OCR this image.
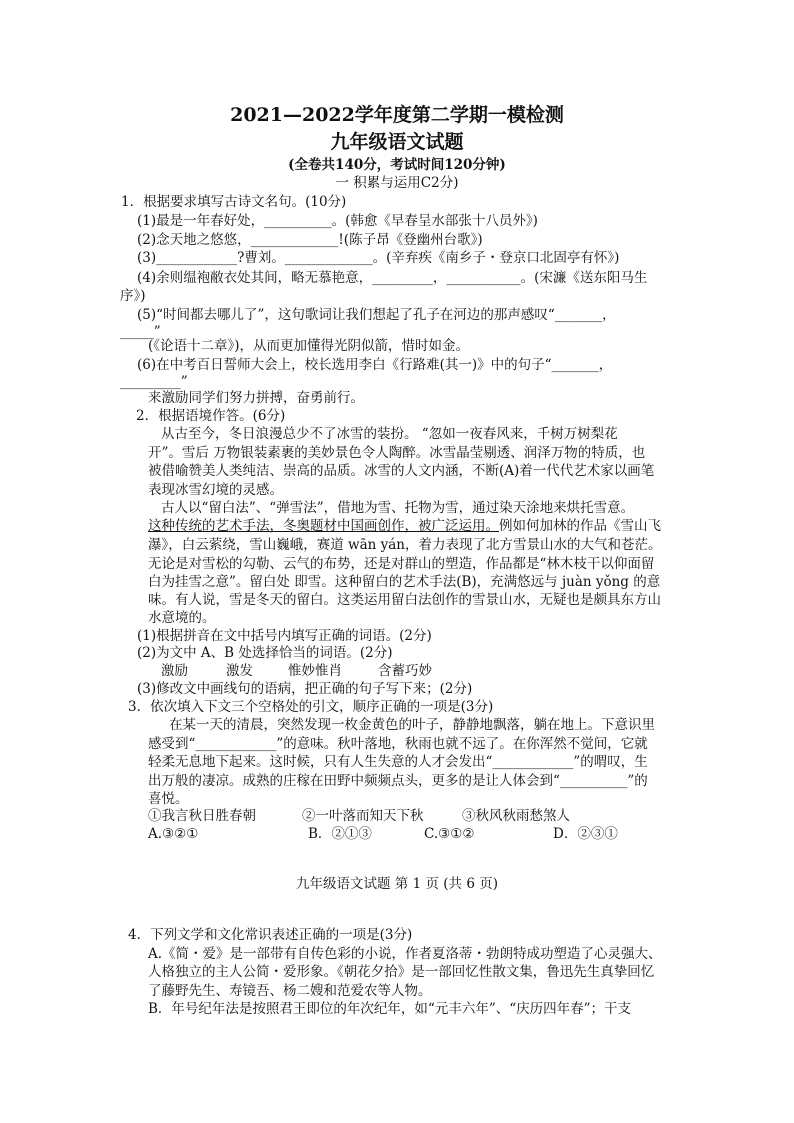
2021—2022学年度第二学期一模检测
九年级语文试题
(全卷共140分，考试时间120分钟)
一 积累与运用C2分)
1．根据要求填写古诗文名句。(10分)
(1)最是一年春好处，__________。(韩愈《早春呈水部张十八员外》)
(2)念天地之悠悠，_____________!(陈子昂《登幽州台歌》)
(3)____________?曹刘。_____________。(辛弃疾《南乡子・登京口北固亭有怀》)
(4)余则缊袍敝衣处其间，略无慕艳意，_________，___________。(宋濂《送东阳马生
序》)
(5)“时间都去哪儿了”，这句歌词让我们想起了孔子在河边的那声感叹“_______，
_____”
(《论语十二章》)，从而更加懂得光阴似箭，惜时如金。
(6)在中考百日誓师大会上，校长选用李白《行路难(其一)》中的句子“_______，
_________”
来激励同学们努力拼搏，奋勇前行。
2．根据语境作答。(6分)
从古至今，冬日浪漫总少不了冰雪的装扮。 “忽如一夜春风来，千树万树梨花
开”。雪后 万物银装素裹的美妙景色令人陶醉。冰雪晶莹剔透、润泽万物的特质，也
被借喻赞美人类纯洁、崇高的品质。冰雪的人文内涵，不断(A)着一代代艺术家以画笔
表现冰雪幻境的灵感。
古人以“留白法”、“弹雪法”，借地为雪、托物为雪，通过染天涂地来烘托雪意。
这种传统的艺术手法，冬奥题材中国画创作，被广泛运用。例如何加林的作品《雪山飞
瀑》，白云萦绕，雪山巍峨，赛道 wān yán，着力表现了北方雪景山水的大气和苍茫。
无论是对雪松的勾勒、云气的布势，还是对群山的塑造，作品都是“林木枝干以仰面留
白为挂雪之意”。留白处 即雪。这种留白的艺术手法(B)，充满悠远与 juàn yǒng 的意
味。有人说，雪是冬天的留白。这类运用留白法创作的雪景山水，无疑也是颇具东方山
水意境的。
(1)根据拼音在文中括号内填写正确的词语。(2分)
(2)为文中 A、B 处选择恰当的词语。(2分)
激励	激发	惟妙惟肖	含蓄巧妙
(3)修改文中画线句的语病，把正确的句子写下来；(2分)
3．依次填入下文三个空格处的引文，顺序正确的一项是(3分)
在某一天的清晨，突然发现一枚金黄色的叶子，静静地飘落，躺在地上。下意识里
感受到“____________”的意味。秋叶落地，秋雨也就不远了。在你浑然不觉间，它就
轻柔无息地下起来。这时候，只有人生失意的人才会发出“____________”的喟叹，生
出万般的凄凉。成熟的庄稼在田野中频频点头，更多的是让人体会到“__________”的
喜悦。
①我言秋日胜春朝	②一叶落而知天下秋	③秋风秋雨愁煞人
A.③②①	B．②①③	C.③①②	D．②③①
九年级语文试题 第 1 页 (共 6 页)
4．下列文学和文化常识表述正确的一项是(3分)
A.《简・爱》是一部带有自传色彩的小说，作者夏洛蒂・勃朗特成功塑造了心灵强大、
人格独立的主人公简・爱形象。《朝花夕拾》是一部回忆性散文集，鲁迅先生真挚回忆
了藤野先生、寿镜吾、杨二嫂和范爱农等人物。
B．年号纪年法是按照君王即位的年次纪年，如“元丰六年”、“庆历四年春”；干支
